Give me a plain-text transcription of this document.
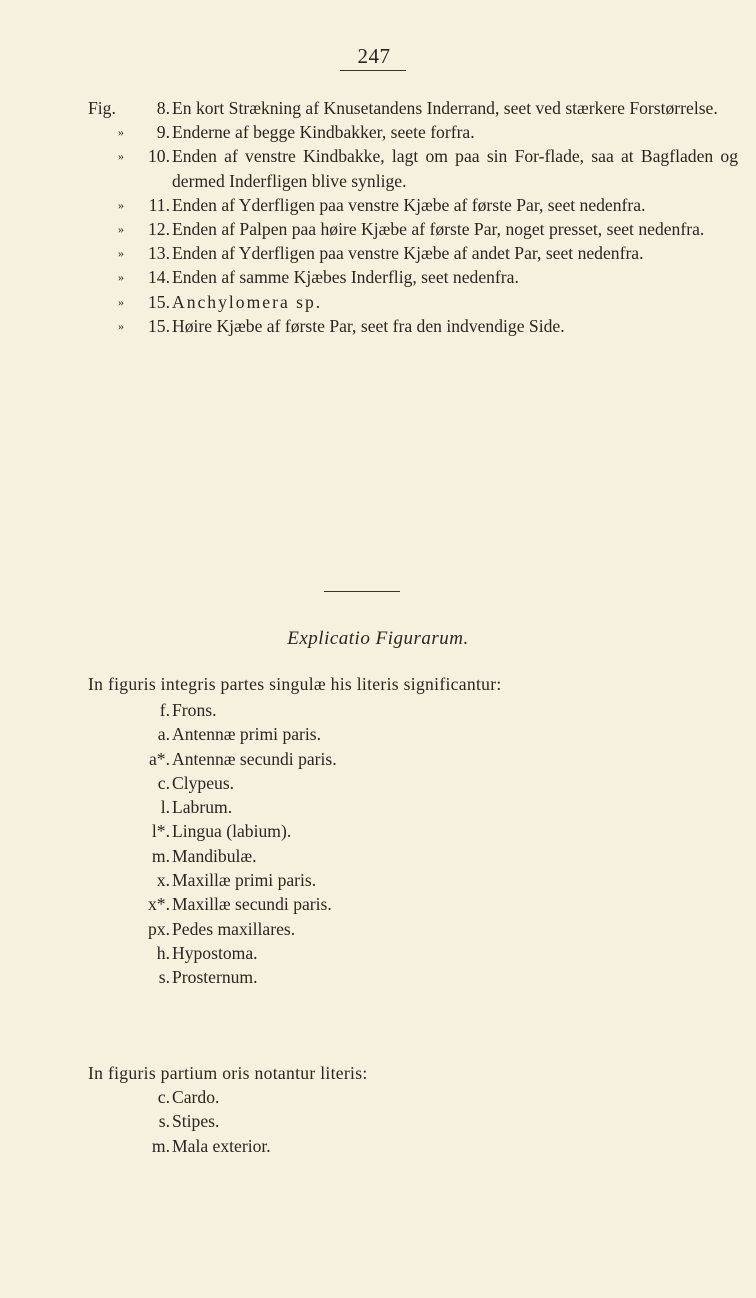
247
Fig.	8. En kort Strækning af Knusetandens Inderrand, seet ved stærkere Forstørrelse.
»	9. Enderne af begge Kindbakker, seete forfra.
»	10. Enden af venstre Kindbakke, lagt om paa sin For-flade, saa at Bagfladen og dermed Inderfligen blive synlige.
»	11. Enden af Yderfligen paa venstre Kjæbe af første Par, seet nedenfra.
»	12. Enden af Palpen paa høire Kjæbe af første Par, noget presset, seet nedenfra.
»	13. Enden af Yderfligen paa venstre Kjæbe af andet Par, seet nedenfra.
»	14. Enden af samme Kjæbes Inderflig, seet nedenfra.
»	15. Anchylomera sp.
»	15. Høire Kjæbe af første Par, seet fra den indvendige Side.
Explicatio Figurarum.
In figuris integris partes singulæ his literis significantur:
f. Frons.
a. Antennæ primi paris.
a*. Antennæ secundi paris.
c. Clypeus.
l. Labrum.
l*. Lingua (labium).
m. Mandibulæ.
x. Maxillæ primi paris.
x*. Maxillæ secundi paris.
px. Pedes maxillares.
h. Hypostoma.
s. Prosternum.
In figuris partium oris notantur literis:
c. Cardo.
s. Stipes.
m. Mala exterior.
